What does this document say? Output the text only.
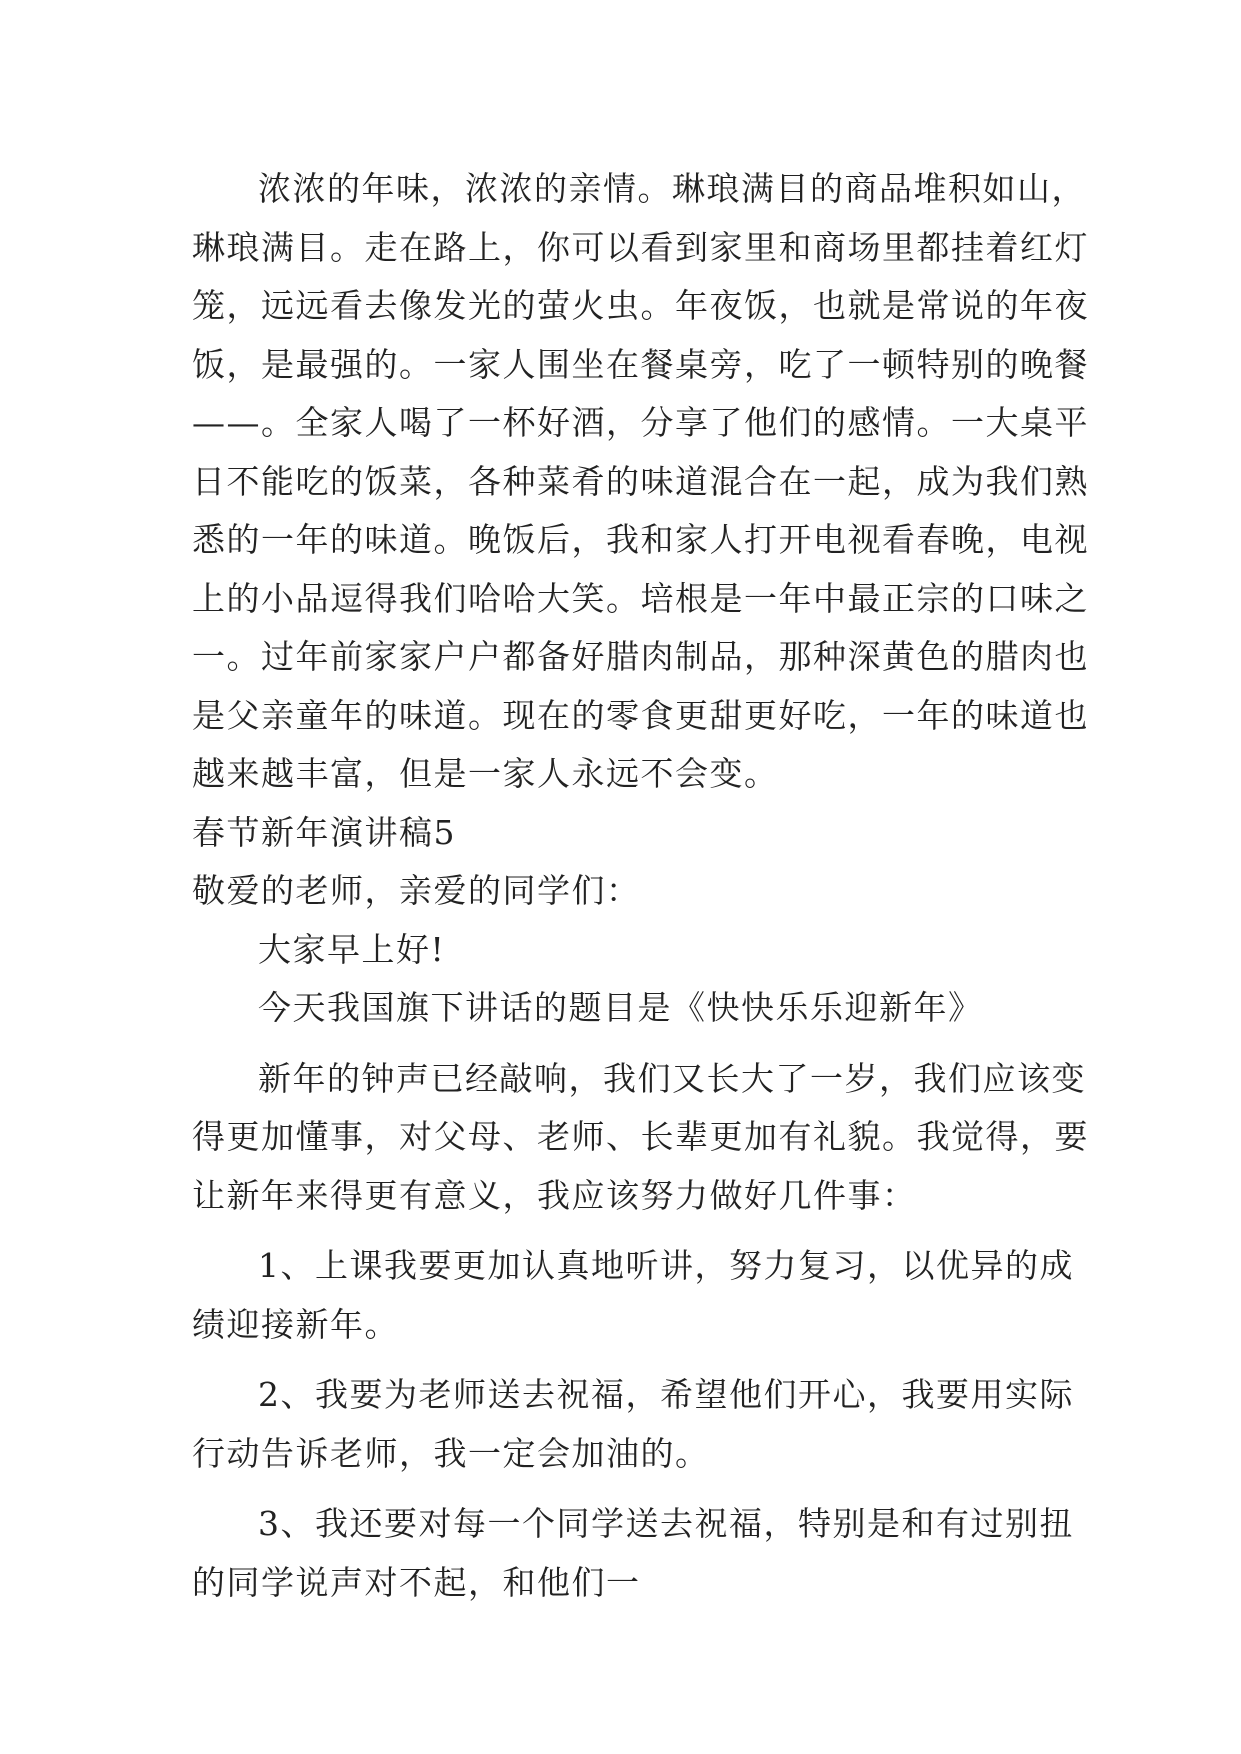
浓浓的年味，浓浓的亲情。琳琅满目的商品堆积如山，
琳琅满目。走在路上，你可以看到家里和商场里都挂着红灯
笼，远远看去像发光的萤火虫。年夜饭，也就是常说的年夜
饭，是最强的。一家人围坐在餐桌旁，吃了一顿特别的晚餐
——。全家人喝了一杯好酒，分享了他们的感情。一大桌平
日不能吃的饭菜，各种菜肴的味道混合在一起，成为我们熟
悉的一年的味道。晚饭后，我和家人打开电视看春晚，电视
上的小品逗得我们哈哈大笑。培根是一年中最正宗的口味之
一。过年前家家户户都备好腊肉制品，那种深黄色的腊肉也
是父亲童年的味道。现在的零食更甜更好吃，一年的味道也
越来越丰富，但是一家人永远不会变。
春节新年演讲稿5
敬爱的老师，亲爱的同学们：
大家早上好!
今天我国旗下讲话的题目是《快快乐乐迎新年》
新年的钟声已经敲响，我们又长大了一岁，我们应该变
得更加懂事，对父母、老师、长辈更加有礼貌。我觉得，要
让新年来得更有意义，我应该努力做好几件事：
1、上课我要更加认真地听讲，努力复习，以优异的成
绩迎接新年。
2、我要为老师送去祝福，希望他们开心，我要用实际
行动告诉老师，我一定会加油的。
3、我还要对每一个同学送去祝福，特别是和有过别扭
的同学说声对不起，和他们一
